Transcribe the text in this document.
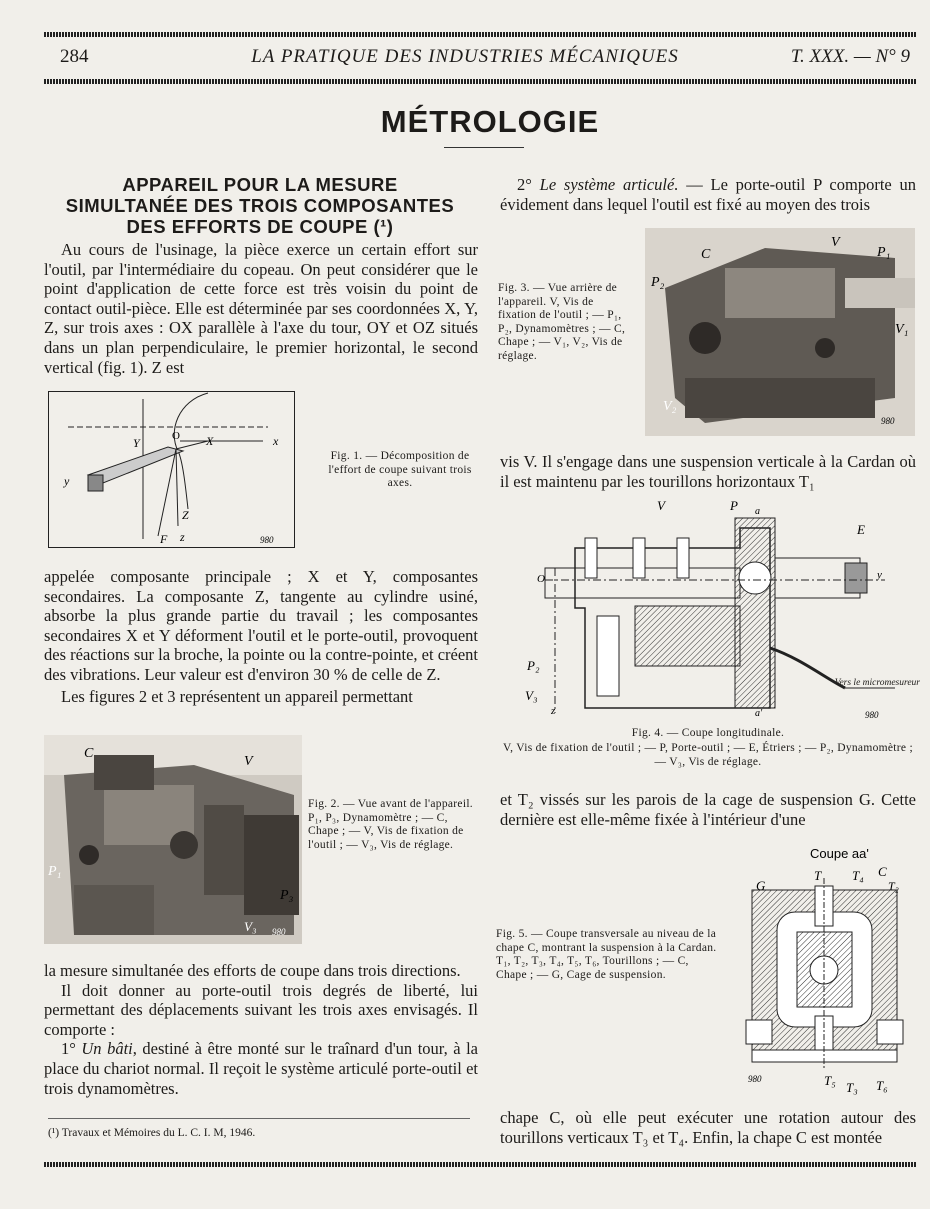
284	LA PRATIQUE DES INDUSTRIES MÉCANIQUES	T. XXX. — N° 9
MÉTROLOGIE
APPAREIL POUR LA MESURE
SIMULTANÉE DES TROIS COMPOSANTES
DES EFFORTS DE COUPE (¹)

Au cours de l'usinage, la pièce exerce un certain effort sur l'outil, par l'intermédiaire du copeau. On peut considérer que le point d'application de cette force est très voisin du point de contact outil-pièce. Elle est déterminée par ses coordonnées X, Y, Z, sur trois axes : OX parallèle à l'axe du tour, OY et OZ situés dans un plan perpendiculaire, le premier horizontal, le second vertical (fig. 1). Z est

O X	x
Y
y
Z
z
F	980
Fig. 1. — Décomposition de l'effort de coupe suivant trois axes.

appelée composante principale ; X et Y, composantes secondaires. La composante Z, tangente au cylindre usiné, absorbe la plus grande partie du travail ; les composantes secondaires X et Y déforment l'outil et le porte-outil, provoquent des réactions sur la broche, la pointe ou la contre-pointe, et créent des vibrations. Leur valeur est d'environ 30 % de celle de Z.

Les figures 2 et 3 représentent un appareil permettant

C
V
P₁
P₃
V₃ 980
Fig. 2. — Vue avant de l'appareil. P₁, P₃, Dynamomètre ; — C, Chape ; — V, Vis de fixation de l'outil ; — V₃, Vis de réglage.

la mesure simultanée des efforts de coupe dans trois directions.

Il doit donner au porte-outil trois degrés de liberté, lui permettant des déplacements suivant les trois axes envisagés. Il comporte :

1° Un bâti, destiné à être monté sur le traînard d'un tour, à la place du chariot normal. Il reçoit le système articulé porte-outil et trois dynamomètres.

(¹) Travaux et Mémoires du L. C. I. M, 1946.

2° Le système articulé. — Le porte-outil P comporte un évidement dans lequel l'outil est fixé au moyen des trois

Fig. 3. — Vue arrière de l'appareil. V, Vis de fixation de l'outil ; — P₁, P₂, Dynamomètres ; — C, Chape ; — V₁, V₂, Vis de réglage.
C
V
P₁
P₂
V₁
V₂
980

vis V. Il s'engage dans une suspension verticale à la Cardan où il est maintenu par les tourillons horizontaux T₁

V	P a
E
O	y
P₂
V₃
z	a'
Vers le micromesureur
980
Fig. 4. — Coupe longitudinale.
V, Vis de fixation de l'outil ; — P, Porte-outil ; — E, Étriers ; — P₂, Dynamomètre ; — V₃, Vis de réglage.

et T₂ vissés sur les parois de la cage de suspension G. Cette dernière est elle-même fixée à l'intérieur d'une

Fig. 5. — Coupe transversale au niveau de la chape C, montrant la suspension à la Cardan. T₁, T₂, T₃, T₄, T₅, T₆, Tourillons ; — C, Chape ; — G, Cage de suspension.
Coupe aa'
T T₄ C
T₂
G
T₅ T₃ T₆
980

chape C, où elle peut exécuter une rotation autour des tourillons verticaux T₃ et T₄. Enfin, la chape C est montée
